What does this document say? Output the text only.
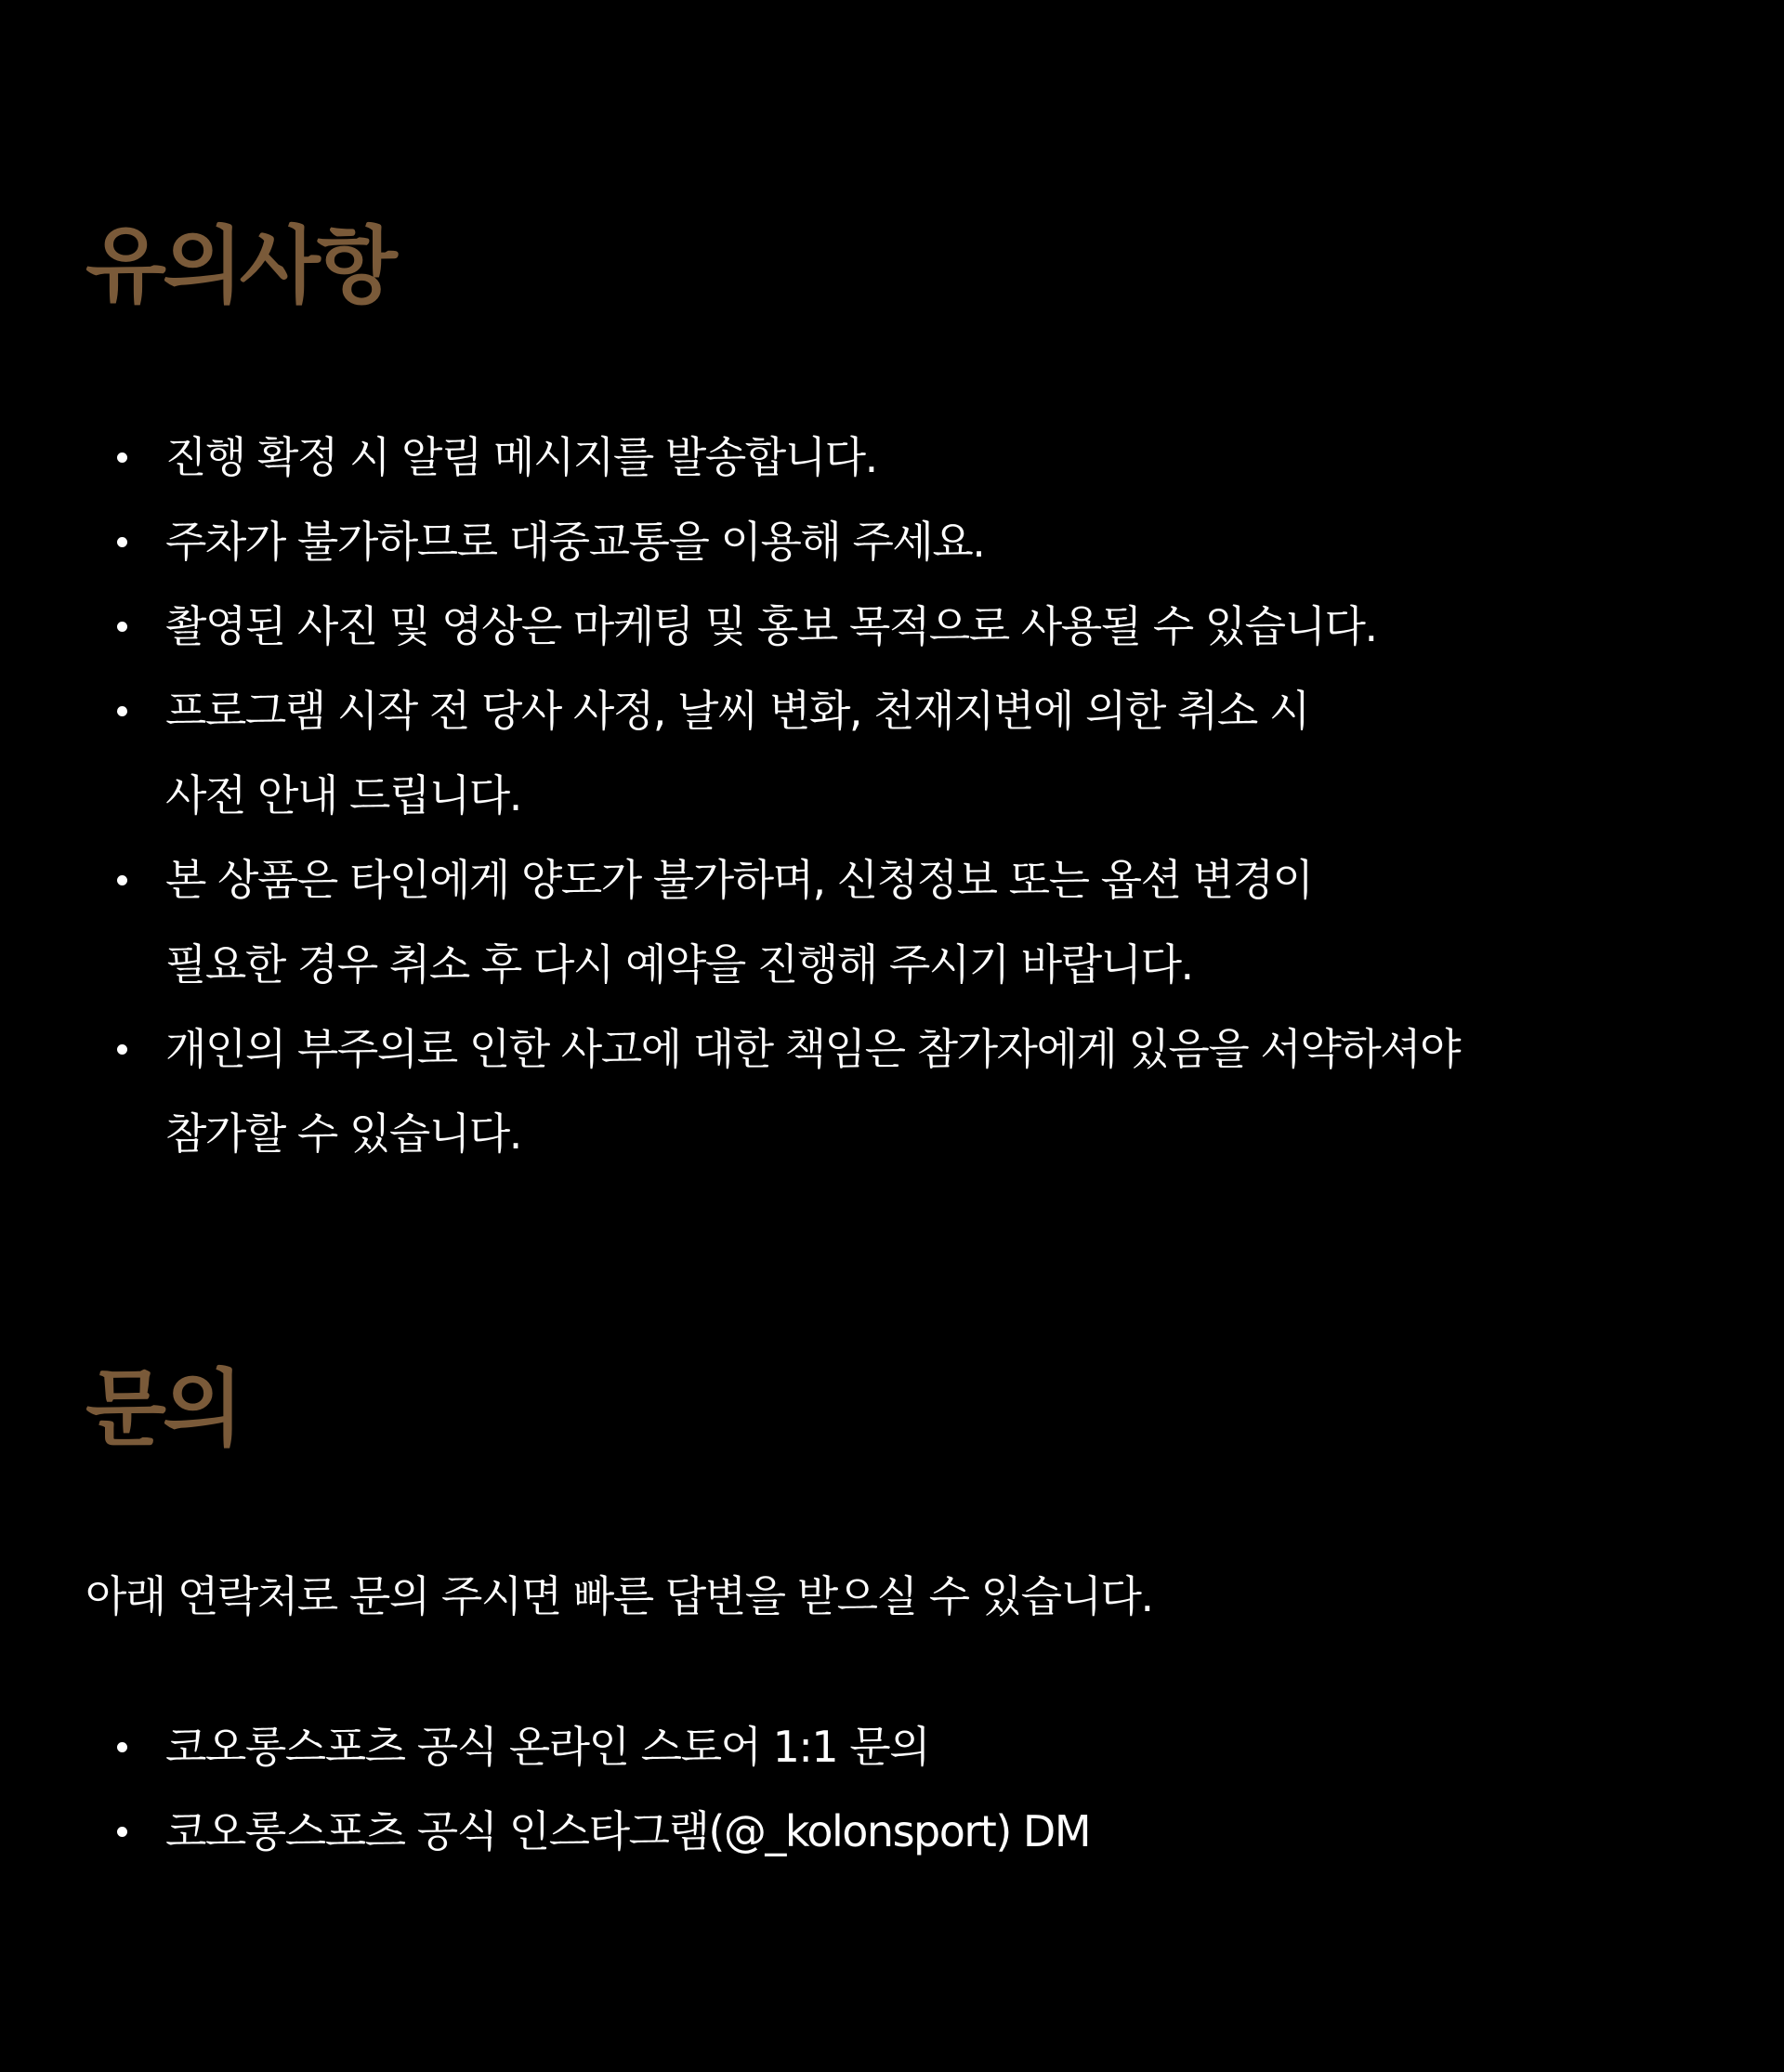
유의사항
진행 확정 시 알림 메시지를 발송합니다.
주차가 불가하므로 대중교통을 이용해 주세요.
촬영된 사진 및 영상은 마케팅 및 홍보 목적으로 사용될 수 있습니다.
프로그램 시작 전 당사 사정, 날씨 변화, 천재지변에 의한 취소 시
사전 안내 드립니다.
본 상품은 타인에게 양도가 불가하며, 신청정보 또는 옵션 변경이
필요한 경우 취소 후 다시 예약을 진행해 주시기 바랍니다.
개인의 부주의로 인한 사고에 대한 책임은 참가자에게 있음을 서약하셔야
참가할 수 있습니다.
문의

아래 연락처로 문의 주시면 빠른 답변을 받으실 수 있습니다.

코오롱스포츠 공식 온라인 스토어 1:1 문의
코오롱스포츠 공식 인스타그램(@_kolonsport) DM
